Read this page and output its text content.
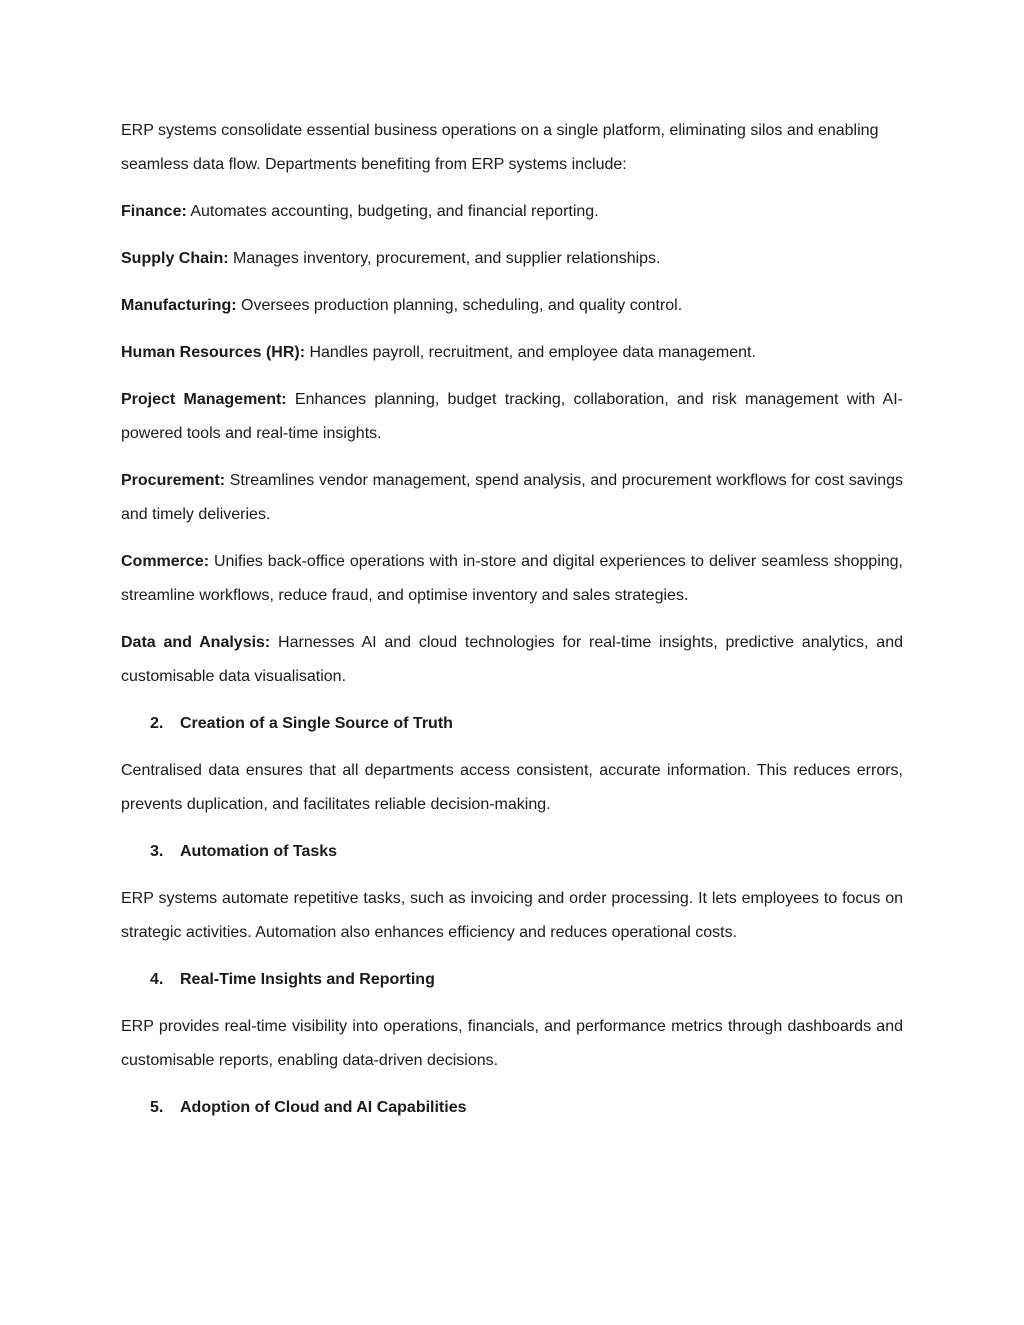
ERP systems consolidate essential business operations on a single platform, eliminating silos and enabling seamless data flow. Departments benefiting from ERP systems include:

Finance: Automates accounting, budgeting, and financial reporting.

Supply Chain: Manages inventory, procurement, and supplier relationships.

Manufacturing: Oversees production planning, scheduling, and quality control.

Human Resources (HR): Handles payroll, recruitment, and employee data management.

Project Management: Enhances planning, budget tracking, collaboration, and risk management with AI-powered tools and real-time insights.

Procurement: Streamlines vendor management, spend analysis, and procurement workflows for cost savings and timely deliveries.

Commerce: Unifies back-office operations with in-store and digital experiences to deliver seamless shopping, streamline workflows, reduce fraud, and optimise inventory and sales strategies.

Data and Analysis: Harnesses AI and cloud technologies for real-time insights, predictive analytics, and customisable data visualisation.

2. Creation of a Single Source of Truth

Centralised data ensures that all departments access consistent, accurate information. This reduces errors, prevents duplication, and facilitates reliable decision-making.

3. Automation of Tasks

ERP systems automate repetitive tasks, such as invoicing and order processing. It lets employees to focus on strategic activities. Automation also enhances efficiency and reduces operational costs.

4. Real-Time Insights and Reporting

ERP provides real-time visibility into operations, financials, and performance metrics through dashboards and customisable reports, enabling data-driven decisions.

5. Adoption of Cloud and AI Capabilities
